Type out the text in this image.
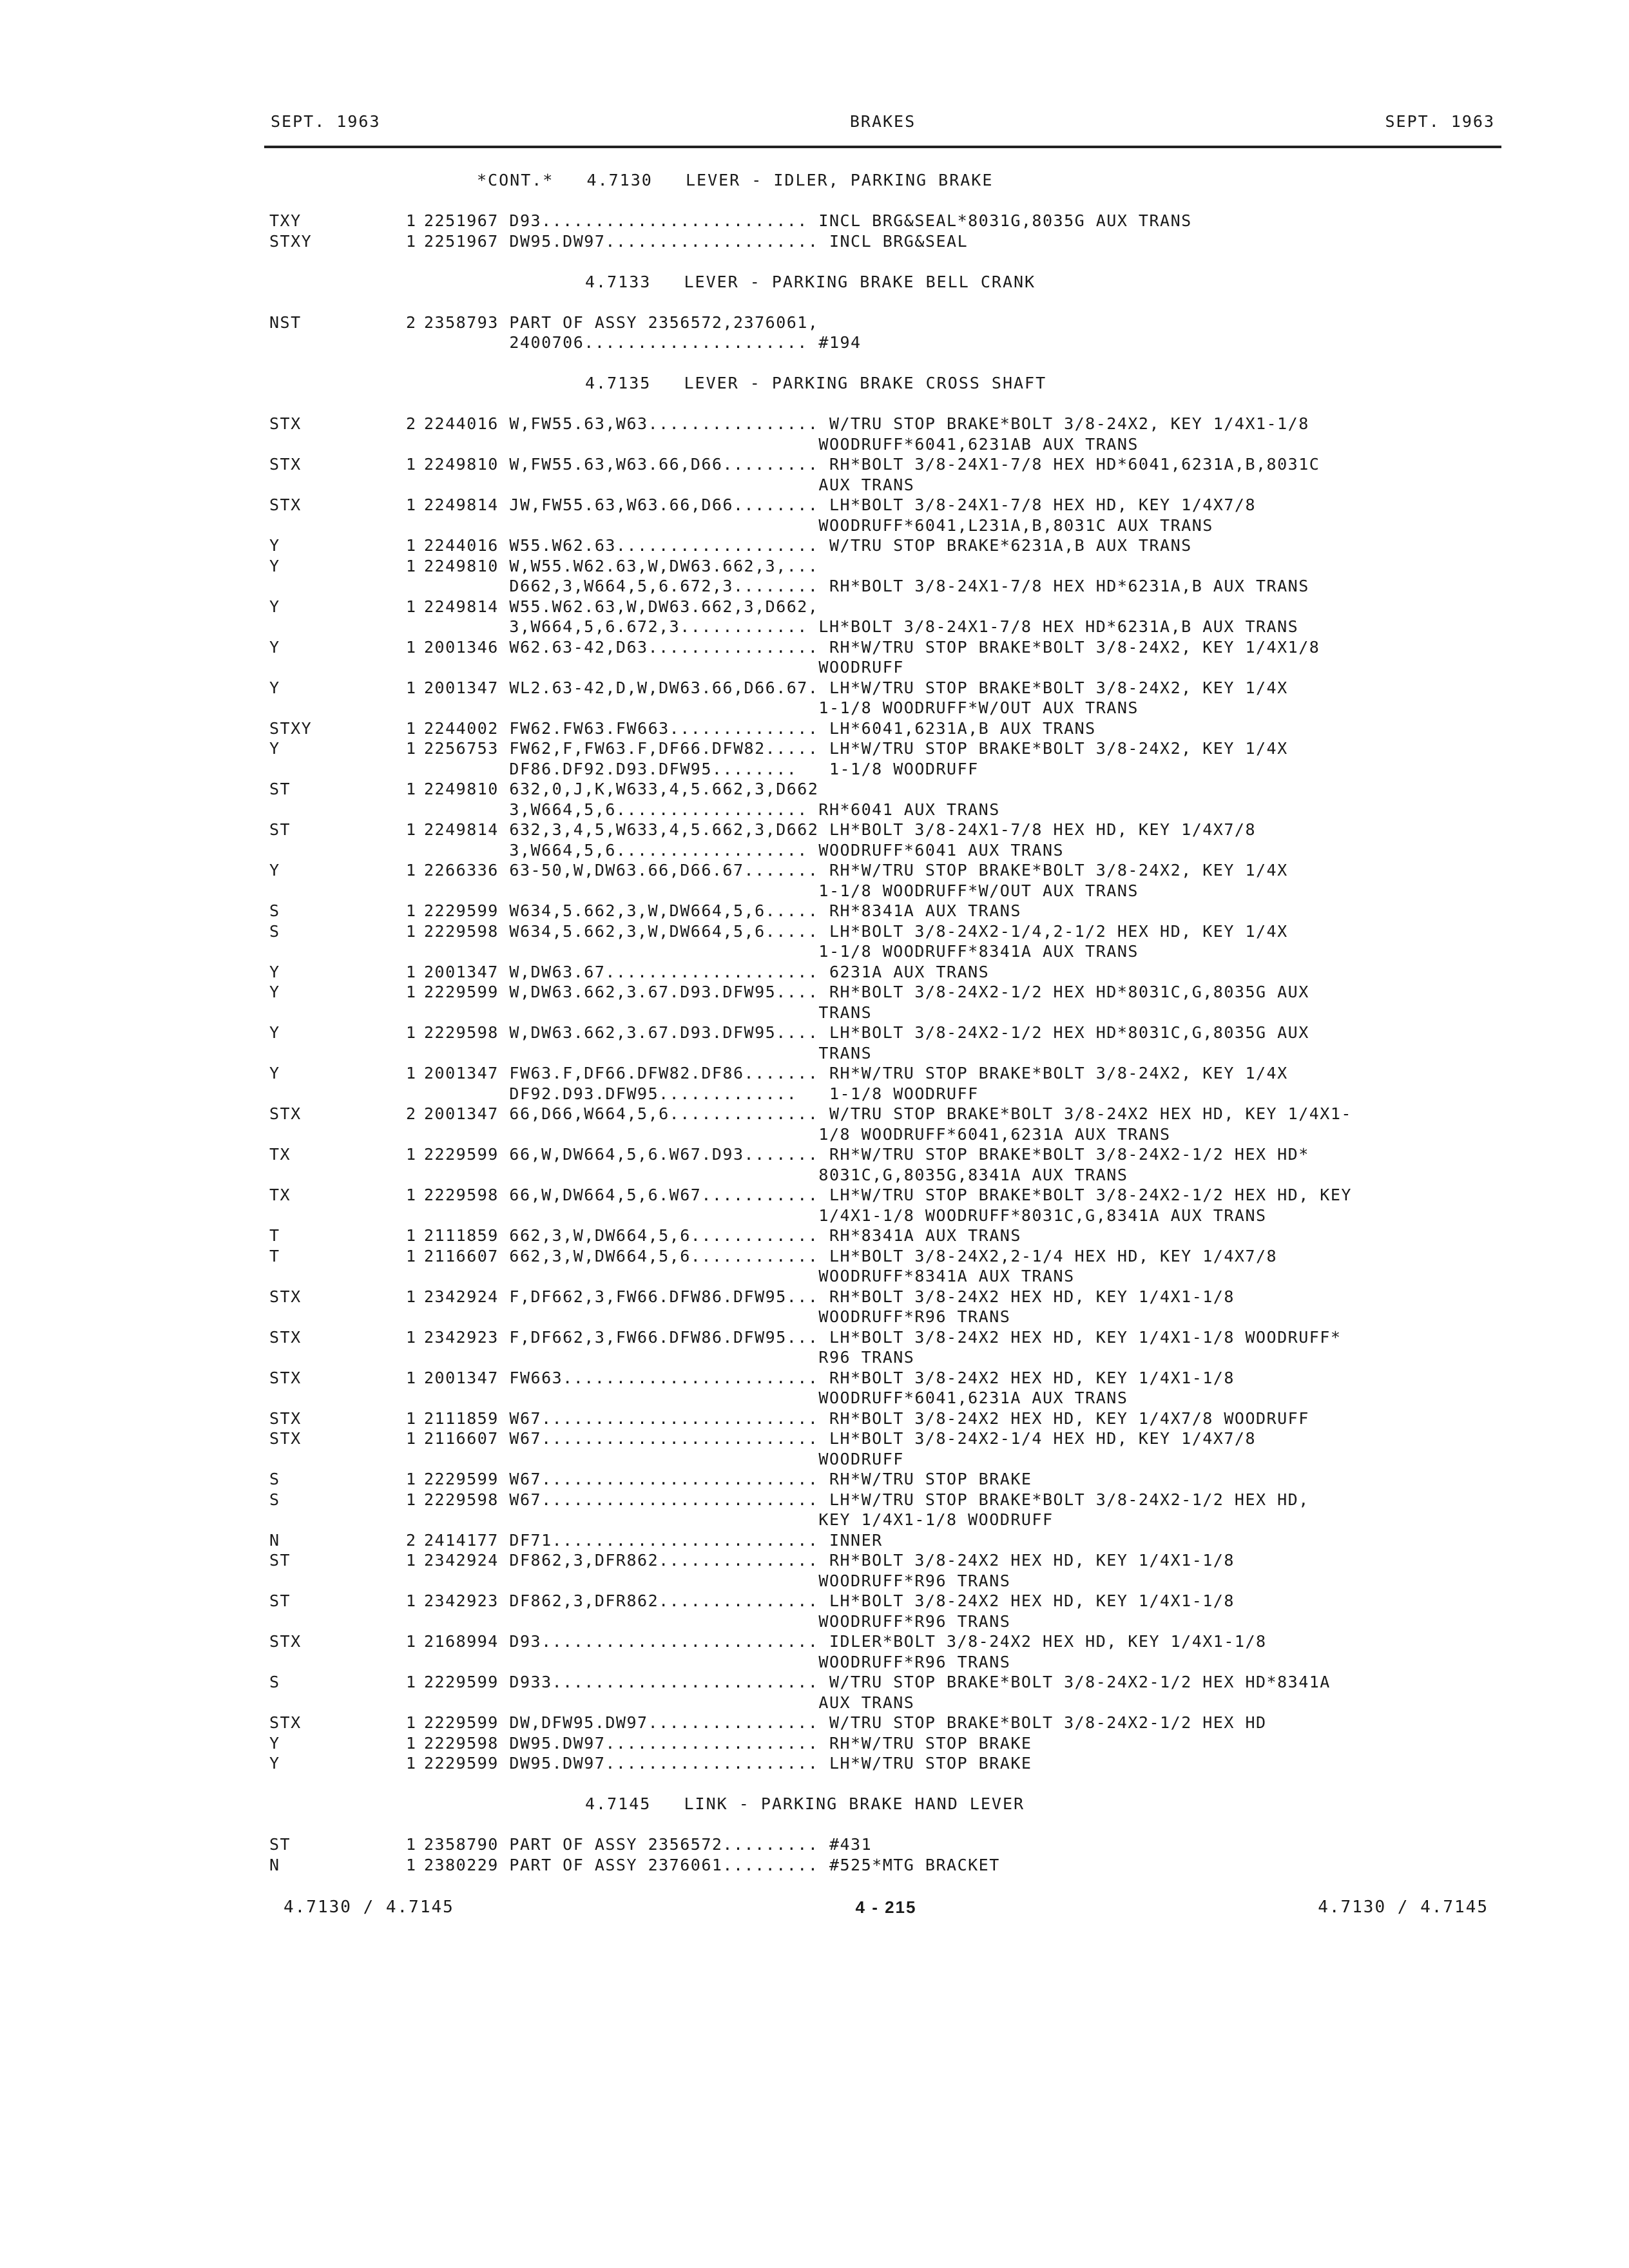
SEPT. 1963	BRAKES	SEPT. 1963
*CONT.*   4.7130   LEVER - IDLER, PARKING BRAKE
TXY	1 2251967 D93......................... INCL BRG&SEAL*8031G,8035G AUX TRANS
STXY	1 2251967 DW95.DW97.................... INCL BRG&SEAL
4.7133   LEVER - PARKING BRAKE BELL CRANK
NST	2 2358793 PART OF ASSY 2356572,2376061,
2400706..................... #194
4.7135   LEVER - PARKING BRAKE CROSS SHAFT
STX	2 2244016 W,FW55.63,W63................ W/TRU STOP BRAKE*BOLT 3/8-24X2, KEY 1/4X1-1/8
WOODRUFF*6041,6231AB AUX TRANS
STX	1 2249810 W,FW55.63,W63.66,D66......... RH*BOLT 3/8-24X1-7/8 HEX HD*6041,6231A,B,8031C
AUX TRANS
STX	1 2249814 JW,FW55.63,W63.66,D66........ LH*BOLT 3/8-24X1-7/8 HEX HD, KEY 1/4X7/8
WOODRUFF*6041,L231A,B,8031C AUX TRANS
Y	1 2244016 W55.W62.63................... W/TRU STOP BRAKE*6231A,B AUX TRANS
Y	1 2249810 W,W55.W62.63,W,DW63.662,3,...
D662,3,W664,5,6.672,3........ RH*BOLT 3/8-24X1-7/8 HEX HD*6231A,B AUX TRANS
Y	1 2249814 W55.W62.63,W,DW63.662,3,D662,
3,W664,5,6.672,3............ LH*BOLT 3/8-24X1-7/8 HEX HD*6231A,B AUX TRANS
Y	1 2001346 W62.63-42,D63................ RH*W/TRU STOP BRAKE*BOLT 3/8-24X2, KEY 1/4X1/8
WOODRUFF
Y	1 2001347 WL2.63-42,D,W,DW63.66,D66.67. LH*W/TRU STOP BRAKE*BOLT 3/8-24X2, KEY 1/4X
1-1/8 WOODRUFF*W/OUT AUX TRANS
STXY	1 2244002 FW62.FW63.FW663.............. LH*6041,6231A,B AUX TRANS
Y	1 2256753 FW62,F,FW63.F,DF66.DFW82..... LH*W/TRU STOP BRAKE*BOLT 3/8-24X2, KEY 1/4X
DF86.DF92.D93.DFW95........   1-1/8 WOODRUFF
ST	1 2249810 632,0,J,K,W633,4,5.662,3,D662
3,W664,5,6.................. RH*6041 AUX TRANS
ST	1 2249814 632,3,4,5,W633,4,5.662,3,D662 LH*BOLT 3/8-24X1-7/8 HEX HD, KEY 1/4X7/8
3,W664,5,6.................. WOODRUFF*6041 AUX TRANS
Y	1 2266336 63-50,W,DW63.66,D66.67....... RH*W/TRU STOP BRAKE*BOLT 3/8-24X2, KEY 1/4X
1-1/8 WOODRUFF*W/OUT AUX TRANS
S	1 2229599 W634,5.662,3,W,DW664,5,6..... RH*8341A AUX TRANS
S	1 2229598 W634,5.662,3,W,DW664,5,6..... LH*BOLT 3/8-24X2-1/4,2-1/2 HEX HD, KEY 1/4X
1-1/8 WOODRUFF*8341A AUX TRANS
Y	1 2001347 W,DW63.67.................... 6231A AUX TRANS
Y	1 2229599 W,DW63.662,3.67.D93.DFW95.... RH*BOLT 3/8-24X2-1/2 HEX HD*8031C,G,8035G AUX
TRANS
Y	1 2229598 W,DW63.662,3.67.D93.DFW95.... LH*BOLT 3/8-24X2-1/2 HEX HD*8031C,G,8035G AUX
TRANS
Y	1 2001347 FW63.F,DF66.DFW82.DF86....... RH*W/TRU STOP BRAKE*BOLT 3/8-24X2, KEY 1/4X
DF92.D93.DFW95.............   1-1/8 WOODRUFF
STX	2 2001347 66,D66,W664,5,6.............. W/TRU STOP BRAKE*BOLT 3/8-24X2 HEX HD, KEY 1/4X1-
1/8 WOODRUFF*6041,6231A AUX TRANS
TX	1 2229599 66,W,DW664,5,6.W67.D93....... RH*W/TRU STOP BRAKE*BOLT 3/8-24X2-1/2 HEX HD*
8031C,G,8035G,8341A AUX TRANS
TX	1 2229598 66,W,DW664,5,6.W67........... LH*W/TRU STOP BRAKE*BOLT 3/8-24X2-1/2 HEX HD, KEY
1/4X1-1/8 WOODRUFF*8031C,G,8341A AUX TRANS
T	1 2111859 662,3,W,DW664,5,6............ RH*8341A AUX TRANS
T	1 2116607 662,3,W,DW664,5,6............ LH*BOLT 3/8-24X2,2-1/4 HEX HD, KEY 1/4X7/8
WOODRUFF*8341A AUX TRANS
STX	1 2342924 F,DF662,3,FW66.DFW86.DFW95... RH*BOLT 3/8-24X2 HEX HD, KEY 1/4X1-1/8
WOODRUFF*R96 TRANS
STX	1 2342923 F,DF662,3,FW66.DFW86.DFW95... LH*BOLT 3/8-24X2 HEX HD, KEY 1/4X1-1/8 WOODRUFF*
R96 TRANS
STX	1 2001347 FW663........................ RH*BOLT 3/8-24X2 HEX HD, KEY 1/4X1-1/8
WOODRUFF*6041,6231A AUX TRANS
STX	1 2111859 W67.......................... RH*BOLT 3/8-24X2 HEX HD, KEY 1/4X7/8 WOODRUFF
STX	1 2116607 W67.......................... LH*BOLT 3/8-24X2-1/4 HEX HD, KEY 1/4X7/8
WOODRUFF
S	1 2229599 W67.......................... RH*W/TRU STOP BRAKE
S	1 2229598 W67.......................... LH*W/TRU STOP BRAKE*BOLT 3/8-24X2-1/2 HEX HD,
KEY 1/4X1-1/8 WOODRUFF
N	2 2414177 DF71......................... INNER
ST	1 2342924 DF862,3,DFR862............... RH*BOLT 3/8-24X2 HEX HD, KEY 1/4X1-1/8
WOODRUFF*R96 TRANS
ST	1 2342923 DF862,3,DFR862............... LH*BOLT 3/8-24X2 HEX HD, KEY 1/4X1-1/8
WOODRUFF*R96 TRANS
STX	1 2168994 D93.......................... IDLER*BOLT 3/8-24X2 HEX HD, KEY 1/4X1-1/8
WOODRUFF*R96 TRANS
S	1 2229599 D933......................... W/TRU STOP BRAKE*BOLT 3/8-24X2-1/2 HEX HD*8341A
AUX TRANS
STX	1 2229599 DW,DFW95.DW97................ W/TRU STOP BRAKE*BOLT 3/8-24X2-1/2 HEX HD
Y	1 2229598 DW95.DW97.................... RH*W/TRU STOP BRAKE
Y	1 2229599 DW95.DW97.................... LH*W/TRU STOP BRAKE
4.7145   LINK - PARKING BRAKE HAND LEVER
ST	1 2358790 PART OF ASSY 2356572......... #431
N	1 2380229 PART OF ASSY 2376061......... #525*MTG BRACKET
4.7130 / 4.7145	4 - 215	4.7130 / 4.7145
